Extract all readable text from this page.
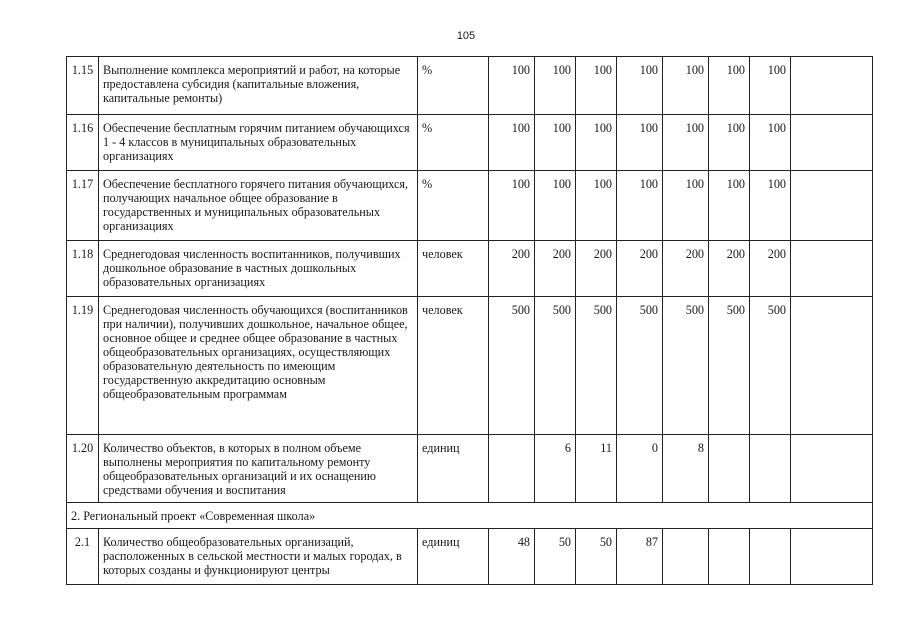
105
1.15	Выполнение комплекса мероприятий и работ, на которые предоставлена субсидия (капитальные вложения, капитальные ремонты)	%	100	100	100	100	100	100	100	
1.16	Обеспечение бесплатным горячим питанием обучающихся 1 - 4 классов в муниципальных образовательных организациях	%	100	100	100	100	100	100	100	
1.17	Обеспечение бесплатного горячего питания обучающихся, получающих начальное общее образование в государственных и муниципальных образовательных организациях	%	100	100	100	100	100	100	100	
1.18	Среднегодовая численность воспитанников, получивших дошкольное образование в частных дошкольных образовательных организациях	человек	200	200	200	200	200	200	200	
1.19	Среднегодовая численность обучающихся (воспитанников при наличии), получивших дошкольное, начальное общее, основное общее и среднее общее образование в частных общеобразовательных организациях, осуществляющих образовательную деятельность по имеющим государственную аккредитацию основным общеобразовательным программам	человек	500	500	500	500	500	500	500	
1.20	Количество объектов, в которых в полном объеме выполнены мероприятия по капитальному ремонту общеобразовательных организаций и их оснащению средствами обучения и воспитания	единиц		6	11	0	8			
2. Региональный проект «Современная школа»										
2.1	Количество общеобразовательных организаций, расположенных в сельской местности и малых городах, в которых созданы и функционируют центры	единиц	48	50	50	87				
